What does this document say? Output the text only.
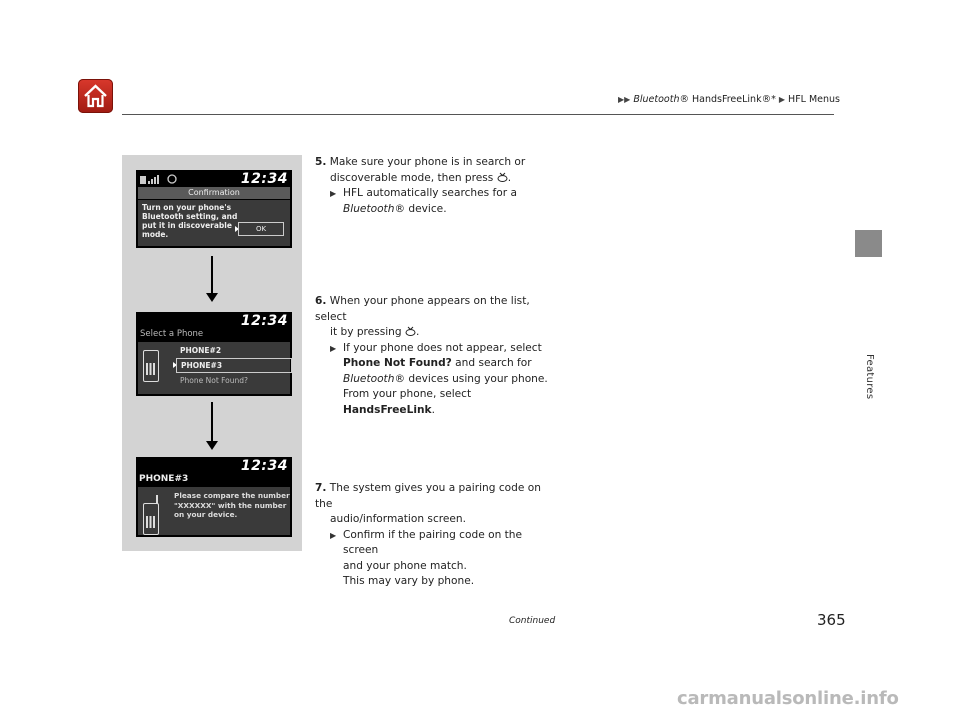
▶▶ Bluetooth® HandsFreeLink®* ▶ HFL Menus
Features
12:34
Confirmation
Turn on your phone's Bluetooth setting, and put it in discoverable mode.
OK
12:34
Select a Phone
PHONE#2
PHONE#3
Phone Not Found?
12:34
PHONE#3
Please compare the number "XXXXXX" with the number on your device.
5. Make sure your phone is in search or
discoverable mode, then press .
▶ HFL automatically searches for a
Bluetooth® device.
6. When your phone appears on the list, select
it by pressing .
▶ If your phone does not appear, select
Phone Not Found? and search for
Bluetooth® devices using your phone.
From your phone, select
HandsFreeLink.
7. The system gives you a pairing code on the
audio/information screen.
▶ Confirm if the pairing code on the screen
and your phone match.
This may vary by phone.
Continued	365
carmanualsonline.info
